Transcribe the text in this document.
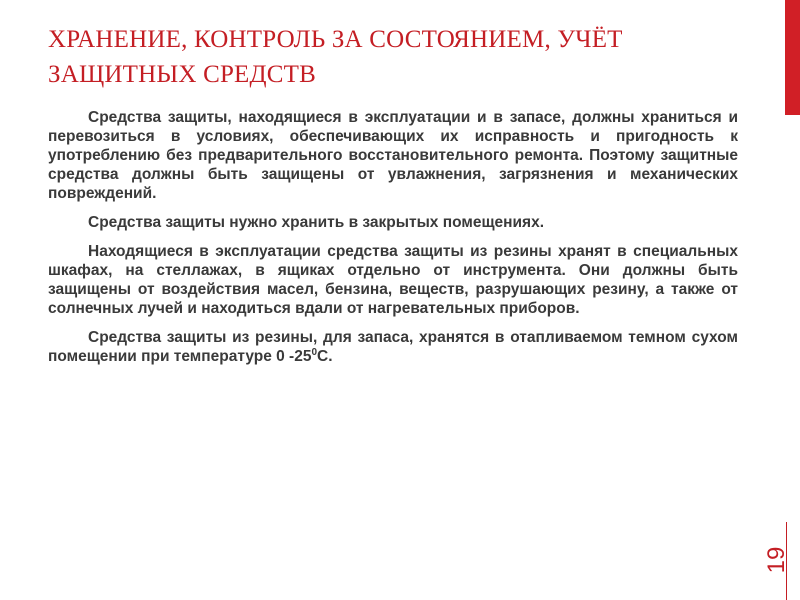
ХРАНЕНИЕ, КОНТРОЛЬ ЗА СОСТОЯНИЕМ, УЧЁТ ЗАЩИТНЫХ СРЕДСТВ

Средства защиты, находящиеся в эксплуатации и в запасе, должны храниться и перевозиться в условиях, обеспечивающих их исправность и пригодность к употреблению без предварительного восстановительного ремонта. Поэтому защитные средства должны быть защищены от увлажнения, загрязнения и механических повреждений.

Средства защиты нужно хранить в закрытых помещениях.

Находящиеся в эксплуатации средства защиты из резины хранят в специальных шкафах, на стеллажах, в ящиках отдельно от инструмента. Они должны быть защищены от воздействия масел, бензина, веществ, разрушающих резину, а также от солнечных лучей и находиться вдали от нагревательных приборов.

Средства защиты из резины, для запаса, хранятся в отапливаемом темном сухом помещении при температуре 0 $-25^0С$.

19
